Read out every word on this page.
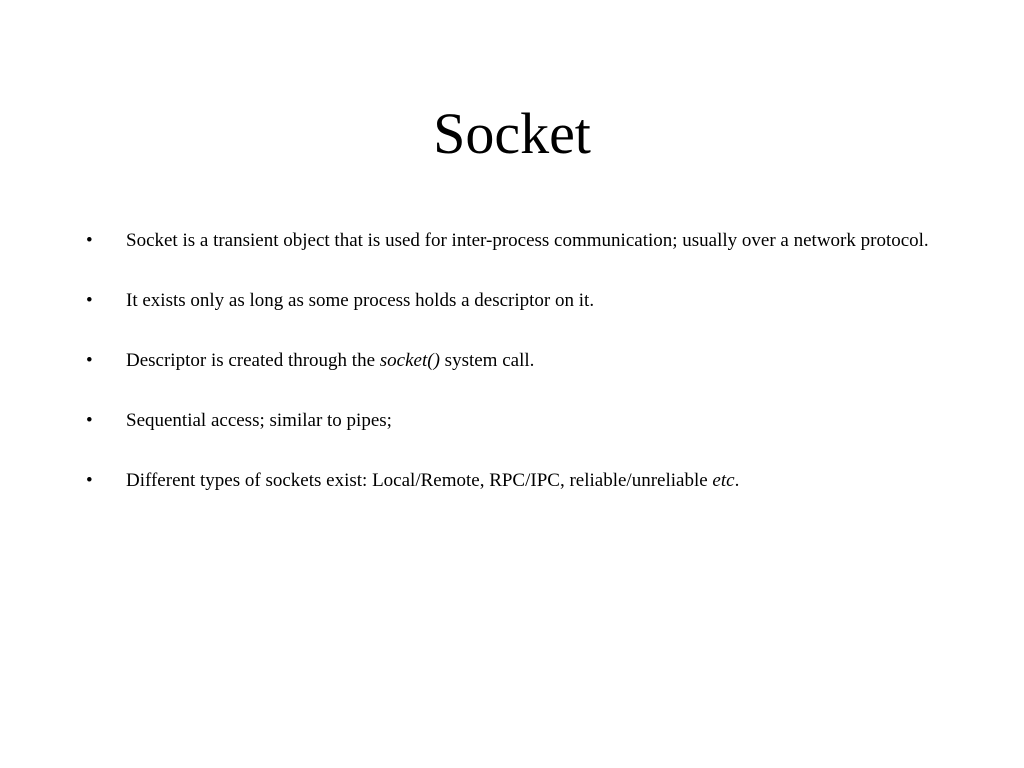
Socket
• Socket is a transient object that is used for inter-process communication; usually over a network protocol.
• It exists only as long as some process holds a descriptor on it.
• Descriptor is created through the socket() system call.
• Sequential access; similar to pipes;
• Different types of sockets exist: Local/Remote, RPC/IPC, reliable/unreliable etc.
